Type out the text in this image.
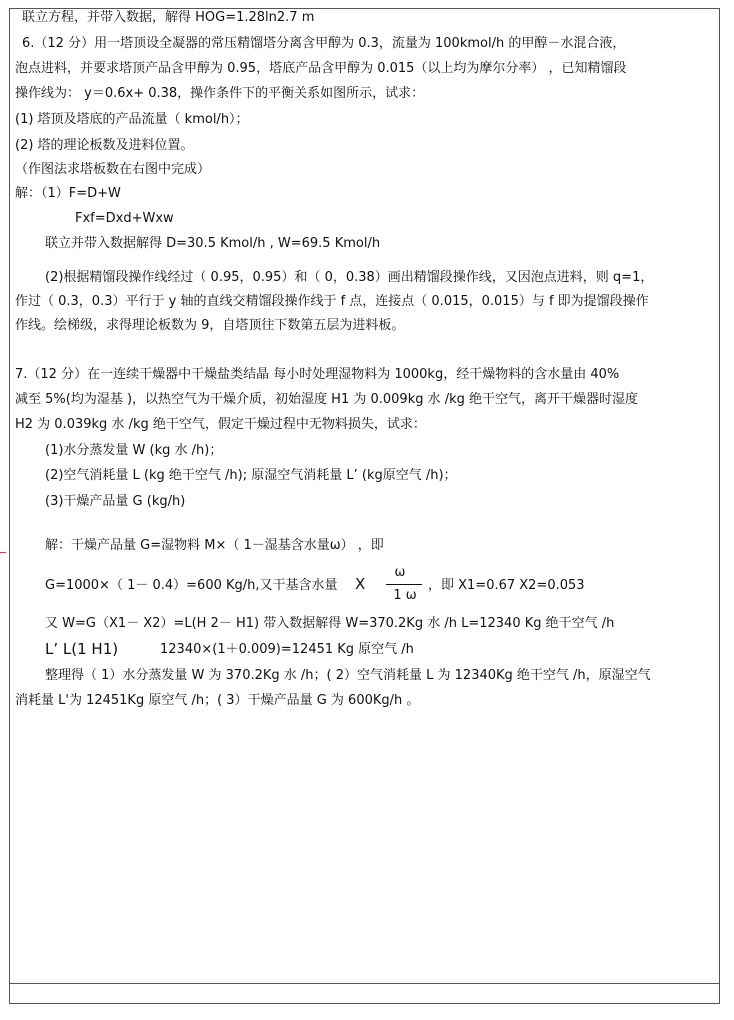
联立方程，并带入数据，解得 HOG=1.28ln2.7 m
6.（12 分）用一塔顶设全凝器的常压精馏塔分离含甲醇为 0.3，流量为 100kmol/h 的甲醇－水混合液，
泡点进料，并要求塔顶产品含甲醇为 0.95，塔底产品含甲醇为 0.015（以上均为摩尔分率） ，已知精馏段
操作线为： y＝0.6x+ 0.38，操作条件下的平衡关系如图所示，试求：
(1) 塔顶及塔底的产品流量（ kmol/h）；
(2) 塔的理论板数及进料位置。
（作图法求塔板数在右图中完成）
解：（1）F=D+W
Fxf=Dxd+Wxw
联立并带入数据解得 D=30.5 Kmol/h , W=69.5 Kmol/h
(2)根据精馏段操作线经过（ 0.95，0.95）和（ 0，0.38）画出精馏段操作线，又因泡点进料，则 q=1，
作过（ 0.3，0.3）平行于 y 轴的直线交精馏段操作线于 f 点，连接点（ 0.015，0.015）与 f 即为提馏段操作
作线。绘梯级，求得理论板数为 9，自塔顶往下数第五层为进料板。
7.（12 分）在一连续干燥器中干燥盐类结晶 每小时处理湿物料为 1000kg，经干燥物料的含水量由 40%
减至 5%(均为湿基 )，以热空气为干燥介质，初始湿度 H1 为 0.009kg 水 /kg 绝干空气，离开干燥器时湿度
H2 为 0.039kg 水 /kg 绝干空气，假定干燥过程中无物料损失，试求：
(1)水分蒸发量 W (kg 水 /h)；
(2)空气消耗量 L (kg 绝干空气 /h); 原湿空气消耗量 L’ (kg原空气 /h)；
(3)干燥产品量 G (kg/h)
解：干燥产品量 G=湿物料 M×（ 1－湿基含水量ω） ，即
G=1000×（ 1－ 0.4）=600 Kg/h,又干基含水量 X
ω
1 ω
，即 X1=0.67 X2=0.053
又 W=G（X1－ X2）=L(H 2－ H1) 带入数据解得 W=370.2Kg 水 /h L=12340 Kg 绝干空气 /h
L’ L(1 H1)	12340×(1＋0.009)=12451 Kg 原空气 /h
整理得（ 1）水分蒸发量 W 为 370.2Kg 水 /h；( 2）空气消耗量 L 为 12340Kg 绝干空气 /h，原湿空气
消耗量 L'为 12451Kg 原空气 /h；( 3）干燥产品量 G 为 600Kg/h 。
